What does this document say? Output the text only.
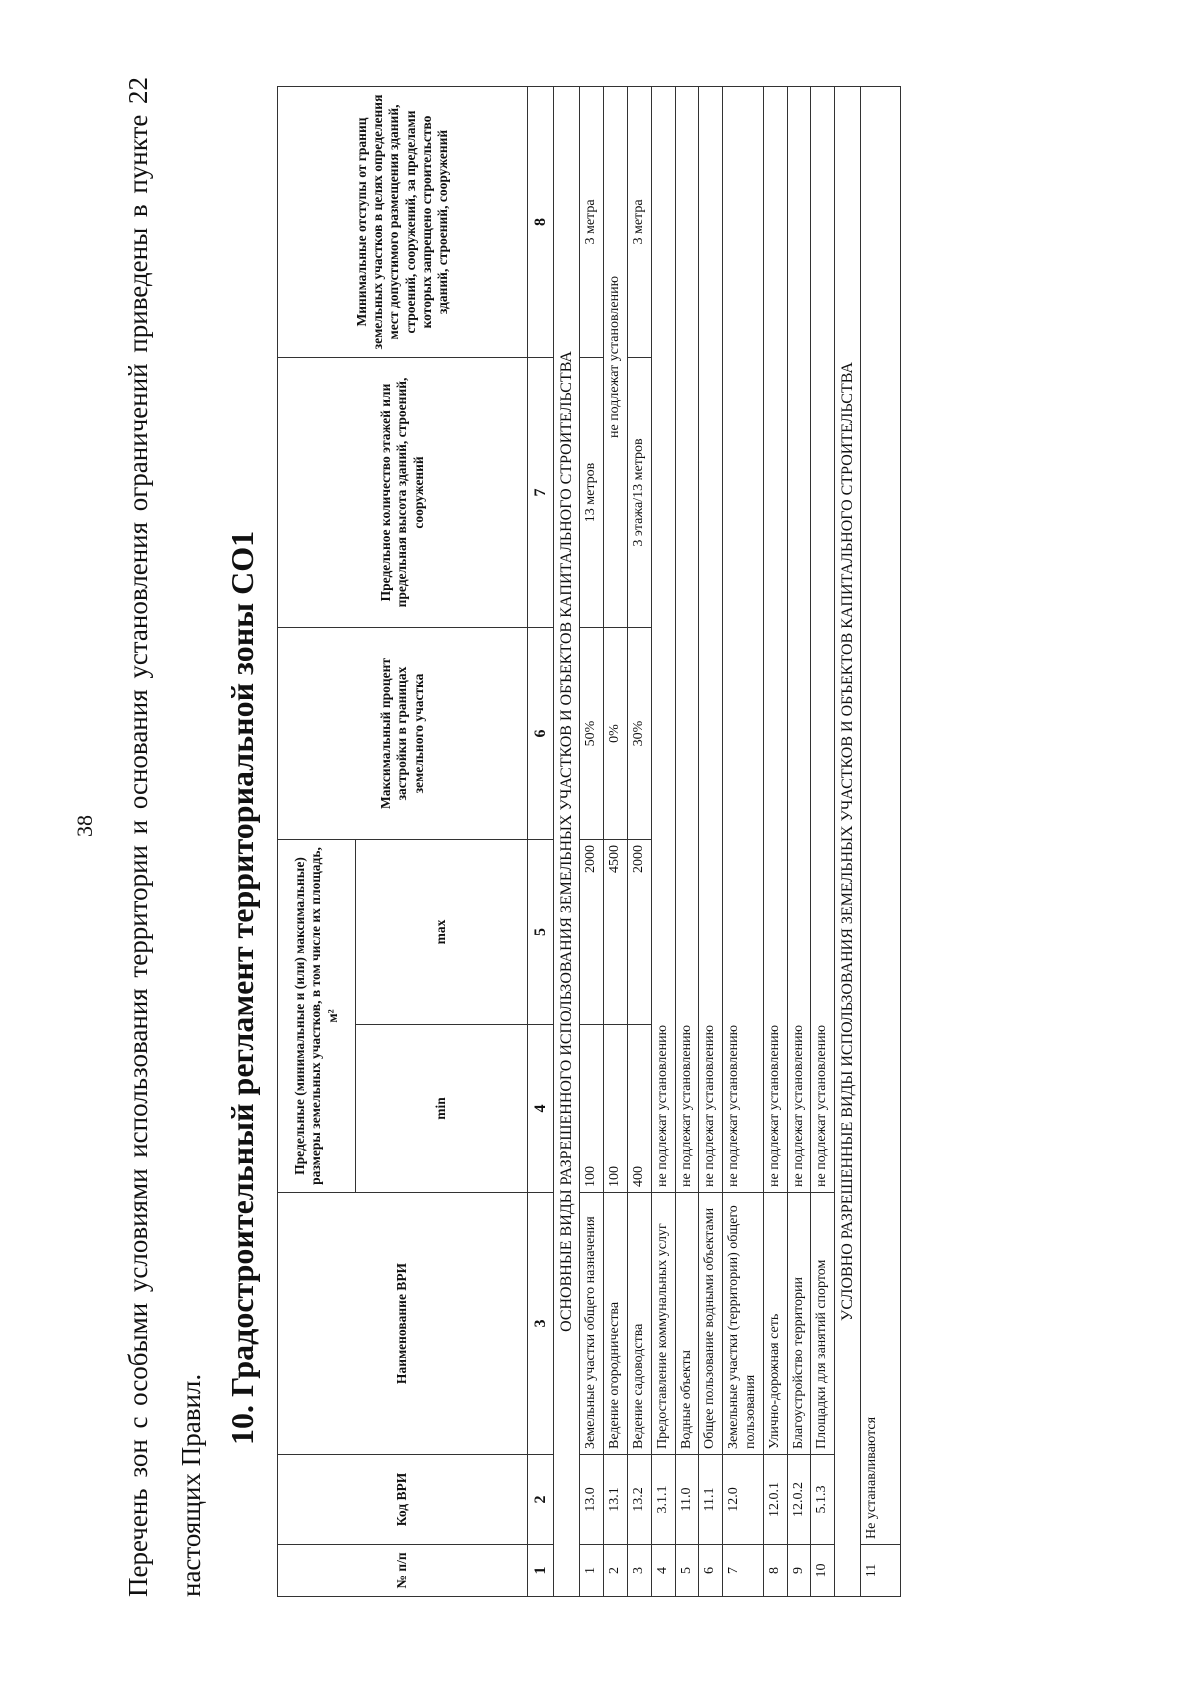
38 Перечень зон с особыми условиями использования территории и основания установления ограничений приведены в пункте 22 настоящих Правил.
10. Градостроительный регламент территориальной зоны СО1
№ п/п	Код ВРИ	Наименование ВРИ	Предельные (минимальные и (или) максимальные) размеры земельных участков, в том числе их площадь, м²		Максимальный процент застройки в границах земельного участка	Предельное количество этажей или предельная высота зданий, строений, сооружений	Минимальные отступы от границ земельных участков в целях определения мест допустимого размещения зданий, строений, сооружений, за пределами которых запрещено строительство зданий, строений, сооружений
			min	max			
1	2	3	4	5	6	7	8
ОСНОВНЫЕ ВИДЫ РАЗРЕШЕННОГО ИСПОЛЬЗОВАНИЯ ЗЕМЕЛЬНЫХ УЧАСТКОВ И ОБЪЕКТОВ КАПИТАЛЬНОГО СТРОИТЕЛЬСТВА							
1	13.0	Земельные участки общего назначения	100	2000	50%	13 метров	3 метра
2	13.1	Ведение огородничества	100	4500	0%	не подлежат установлению	
3	13.2	Ведение садоводства	400	2000	30%	3 этажа/13 метров	3 метра
4	3.1.1	Предоставление коммунальных услуг	не подлежат установлению				
5	11.0	Водные объекты	не подлежат установлению				
6	11.1	Общее пользование водными объектами	не подлежат установлению				
7	12.0	Земельные участки (территории) общего пользования	не подлежат установлению				
8	12.0.1	Улично-дорожная сеть	не подлежат установлению				
9	12.0.2	Благоустройство территории	не подлежат установлению				
10	5.1.3	Площадки для занятий спортом	не подлежат установлению				
УСЛОВНО РАЗРЕШЕННЫЕ ВИДЫ ИСПОЛЬЗОВАНИЯ ЗЕМЕЛЬНЫХ УЧАСТКОВ И ОБЪЕКТОВ КАПИТАЛЬНОГО СТРОИТЕЛЬСТВА							
11	Не устанавливаются						
